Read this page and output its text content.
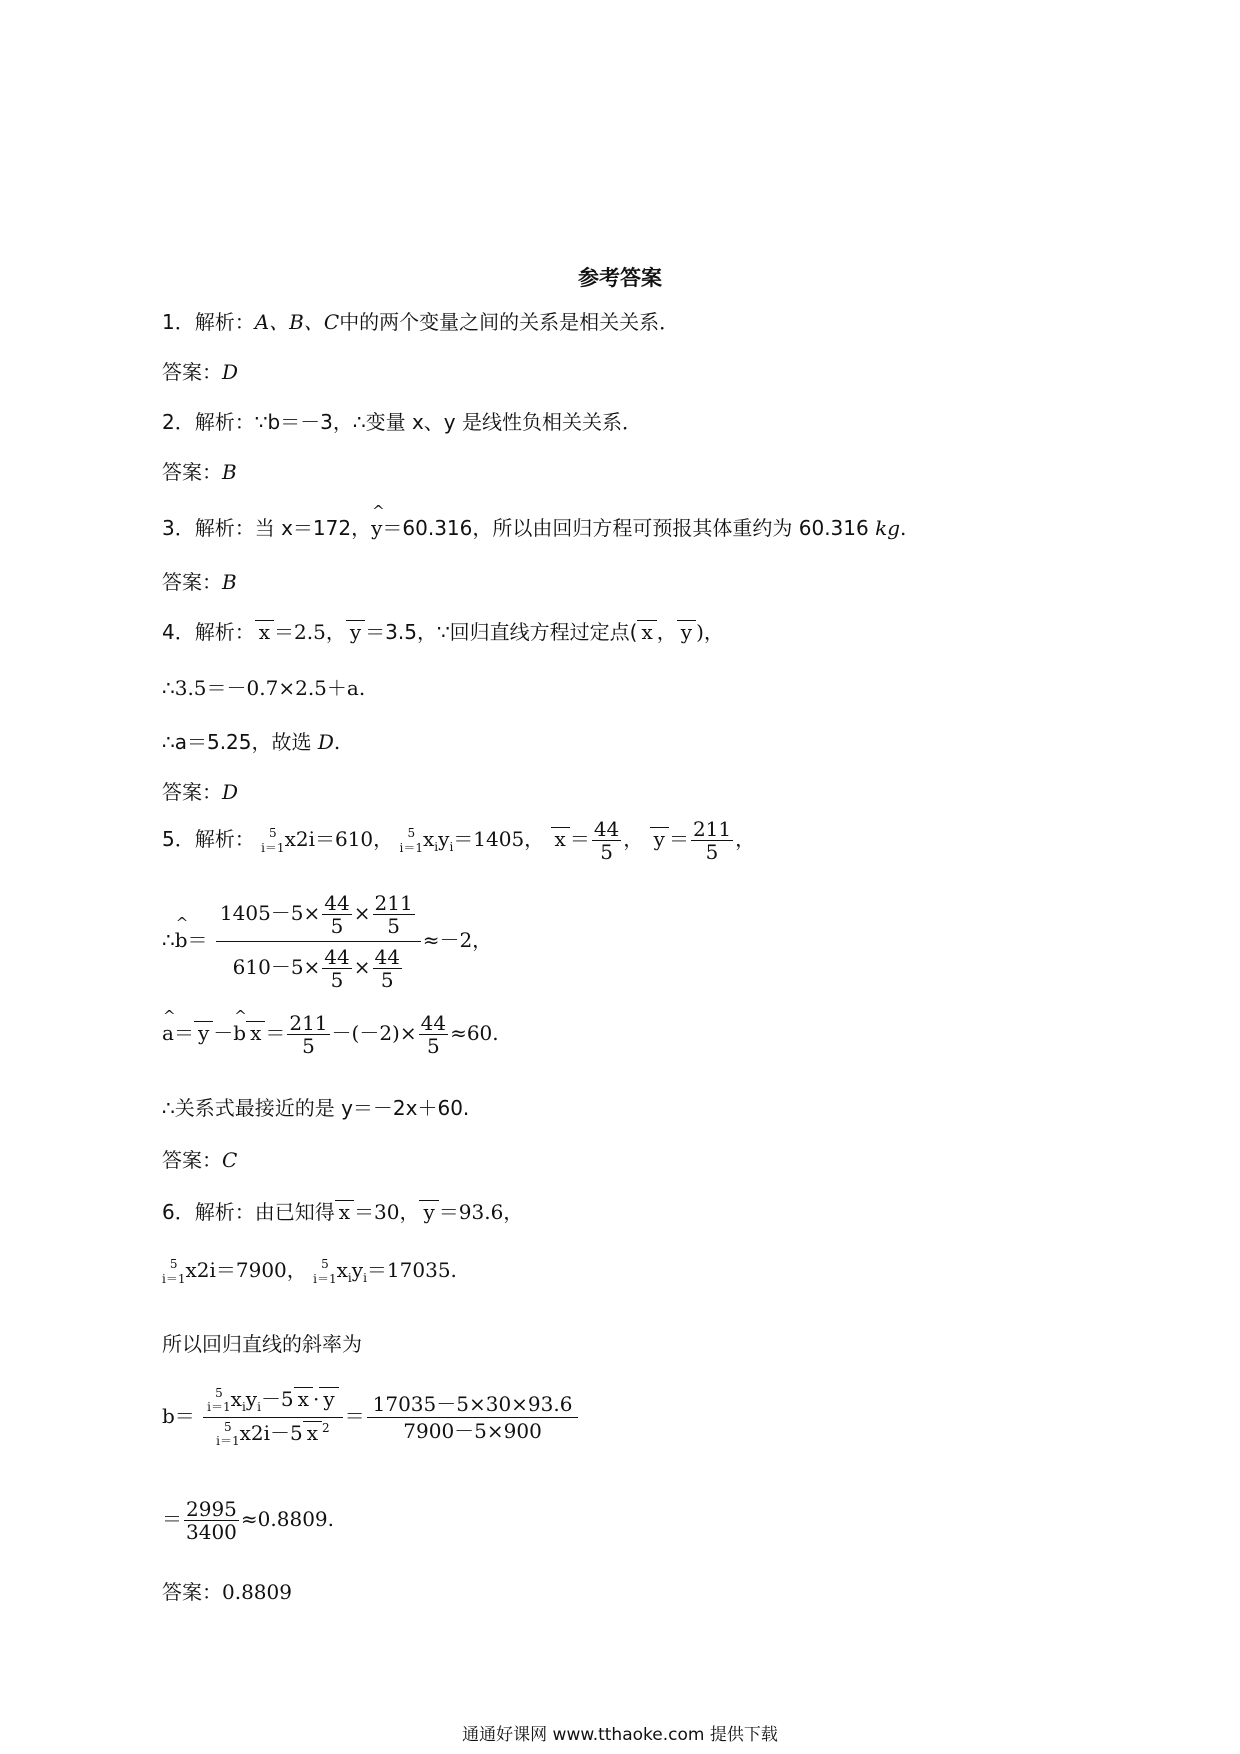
参考答案
1．解析：A、B、C中的两个变量之间的关系是相关关系．
答案：D
2．解析：∵b＝－3，∴变量 x、y 是线性负相关关系．
答案：B
3．解析：当 x＝172，^ y＝60.316，所以由回归方程可预报其体重约为 60.316 kg.
答案：B
4．解析： x ＝2.5， y ＝3.5，∵回归直线方程过定点( x ， y )，
∴3.5＝－0.7×2.5＋a.
∴a＝5.25，故选 D.
答案：D
5．解析：	5
i＝1 x2i＝610，	5
i＝1 $x_iy_i=1405$， $x = \frac{44}{5}$ ， $y = \frac{211}{5}$ ，
∴^ $b= \frac{1405-5\times \frac{44}{5} \times \frac{211}{5}}{610-5\times \frac{44}{5} \times \frac{44}{5}} \approx-2$，
^ a＝ y －^ b $x = \frac{211}{5} -(-2)\times \frac{44}{5} \approx 60$.
∴关系式最接近的是 y＝－2x＋60.
答案：C
6．解析：由已知得 x ＝30， y ＝93.6，
5
i＝1 x2i＝7900，	5
i＝1 $x_iy_i=17035$.
所以回归直线的斜率为
b＝ 5
i＝1 $x_iy_i-5$ x · y
5
i＝1 x2i－5 x $^2 = \frac{17035-5\times 30\times 93.6}{7900-5\times 900}$
＝ $\frac{2995}{3400} \approx 0.8809$.
答案：0.8809
通通好课网 www.tthaoke.com 提供下载
